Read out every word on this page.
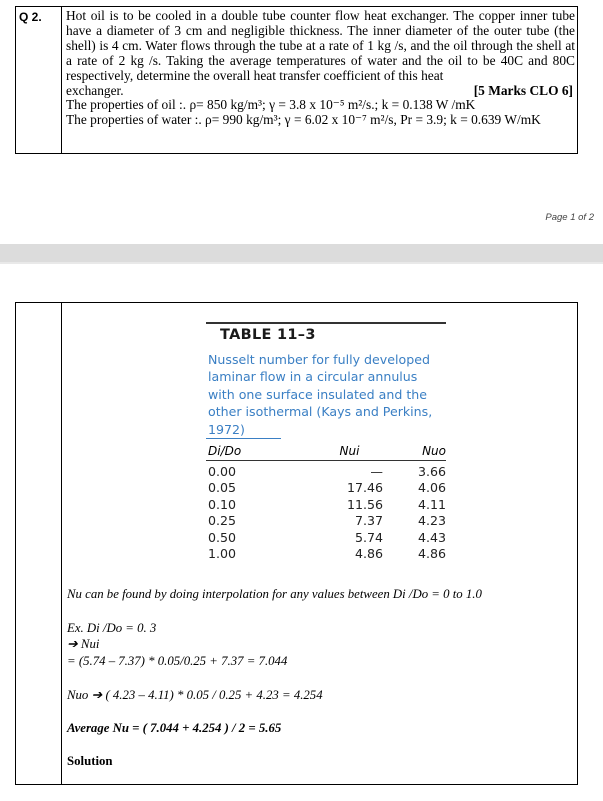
Q 2. Hot oil is to be cooled in a double tube counter flow heat exchanger. The copper inner tube have a diameter of 3 cm and negligible thickness. The inner diameter of the outer tube (the shell) is 4 cm. Water flows through the tube at a rate of 1 kg /s, and the oil through the shell at a rate of 2 kg /s. Taking the average temperatures of water and the oil to be 40C and 80C respectively, determine the overall heat transfer coefficient of this heat
exchanger.	[5 Marks CLO 6]
The properties of oil :. ρ= 850 kg/m³; γ = 3.8 x 10⁻⁵ m²/s.; k = 0.138 W /mK
The properties of water :. ρ= 990 kg/m³; γ = 6.02 x 10⁻⁷ m²/s, Pr = 3.9; k = 0.639 W/mK
Page 1 of 2
TABLE 11–3
Nusselt number for fully developed laminar flow in a circular annulus with one surface insulated and the other isothermal (Kays and Perkins, 1972)
Di/Do	Nui	Nuo
0.00	—	3.66
0.05	17.46	4.06
0.10	11.56	4.11
0.25	7.37	4.23
0.50	5.74	4.43
1.00	4.86	4.86
Nu can be found by doing interpolation for any values between Di /Do = 0 to 1.0
Ex. Di /Do = 0. 3
➔ Nui
= (5.74 – 7.37) * 0.05/0.25 + 7.37 = 7.044
Nuo ➔ ( 4.23 – 4.11) * 0.05 / 0.25 + 4.23 = 4.254
Average Nu = ( 7.044 + 4.254 ) / 2 = 5.65
Solution
